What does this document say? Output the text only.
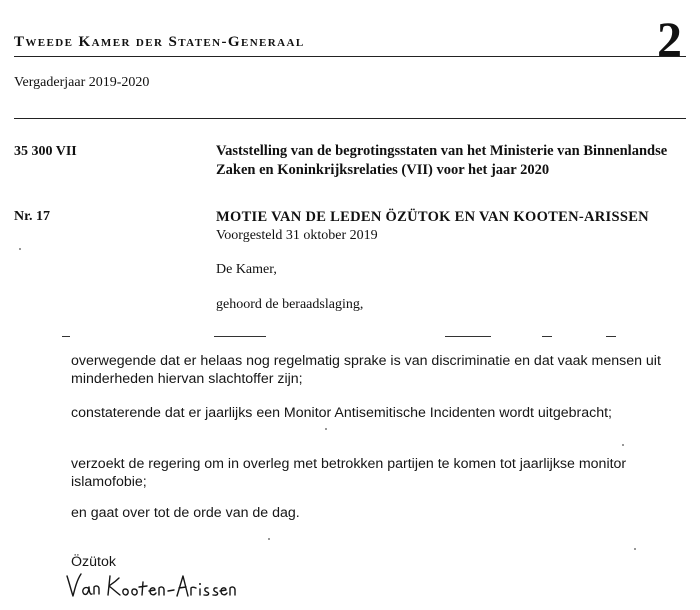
Tweede Kamer der Staten-Generaal	2
Vergaderjaar 2019-2020
35 300 VII	Vaststelling van de begrotingsstaten van het Ministerie van Binnenlandse Zaken en Koninkrijksrelaties (VII) voor het jaar 2020
Nr. 17	MOTIE VAN DE LEDEN ÖZÜTOK EN VAN KOOTEN-ARISSEN
Voorgesteld 31 oktober 2019
De Kamer,
gehoord de beraadslaging,
overwegende dat er helaas nog regelmatig sprake is van discriminatie en dat vaak mensen uit minderheden hiervan slachtoffer zijn;
constaterende dat er jaarlijks een Monitor Antisemitische Incidenten wordt uitgebracht;
verzoekt de regering om in overleg met betrokken partijen te komen tot jaarlijkse monitor islamofobie;
en gaat over tot de orde van de dag.
Özütok
